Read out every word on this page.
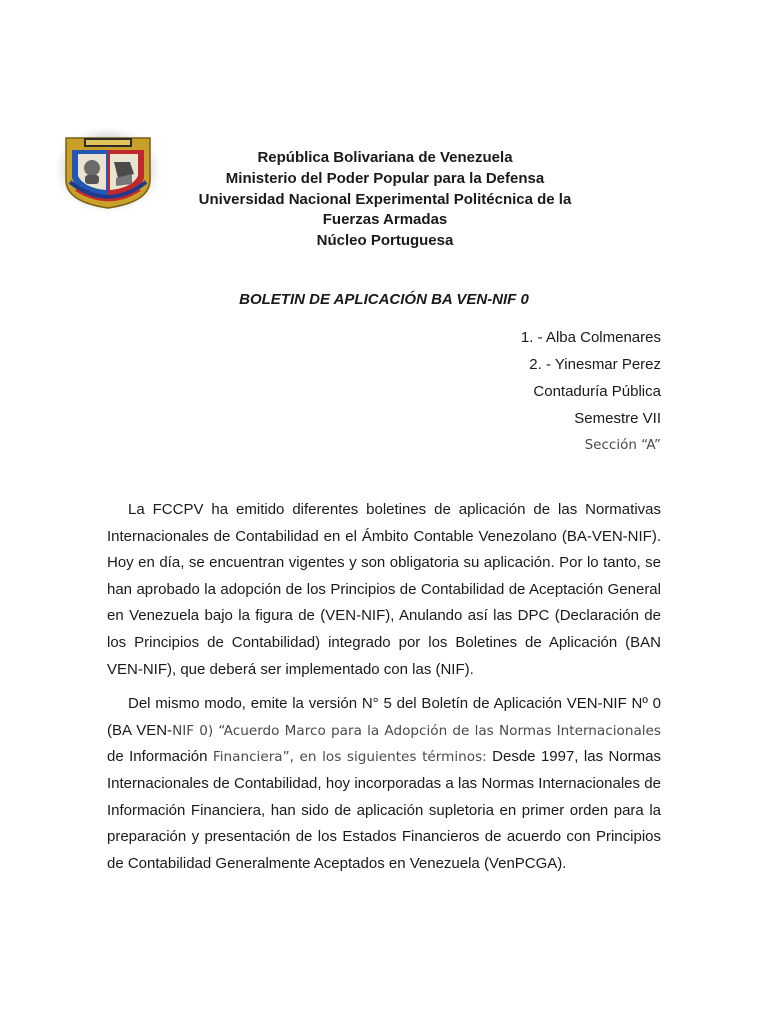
República Bolivariana de Venezuela
Ministerio del Poder Popular para la Defensa
Universidad Nacional Experimental Politécnica de la
Fuerzas Armadas
Núcleo Portuguesa
BOLETIN DE APLICACIÓN BA VEN-NIF 0
1. - Alba Colmenares
2. - Yinesmar Perez
Contaduría Pública
Semestre VII
Sección “A”

La FCCPV ha emitido diferentes boletines de aplicación de las Normativas Internacionales de Contabilidad en el Ámbito Contable Venezolano (BA-VEN-NIF). Hoy en día, se encuentran vigentes y son obligatoria su aplicación. Por lo tanto, se han aprobado la adopción de los Principios de Contabilidad de Aceptación General en Venezuela bajo la figura de (VEN-NIF), Anulando así las DPC (Declaración de los Principios de Contabilidad) integrado por los Boletines de Aplicación (BAN VEN-NIF), que deberá ser implementado con las (NIF).

Del mismo modo, emite la versión N° 5 del Boletín de Aplicación VEN-NIF Nº 0 (BA VEN-NIF 0) “Acuerdo Marco para la Adopción de las Normas Internacionales de Información Financiera”, en los siguientes términos: Desde 1997, las Normas Internacionales de Contabilidad, hoy incorporadas a las Normas Internacionales de Información Financiera, han sido de aplicación supletoria en primer orden para la preparación y presentación de los Estados Financieros de acuerdo con Principios de Contabilidad Generalmente Aceptados en Venezuela (VenPCGA).
